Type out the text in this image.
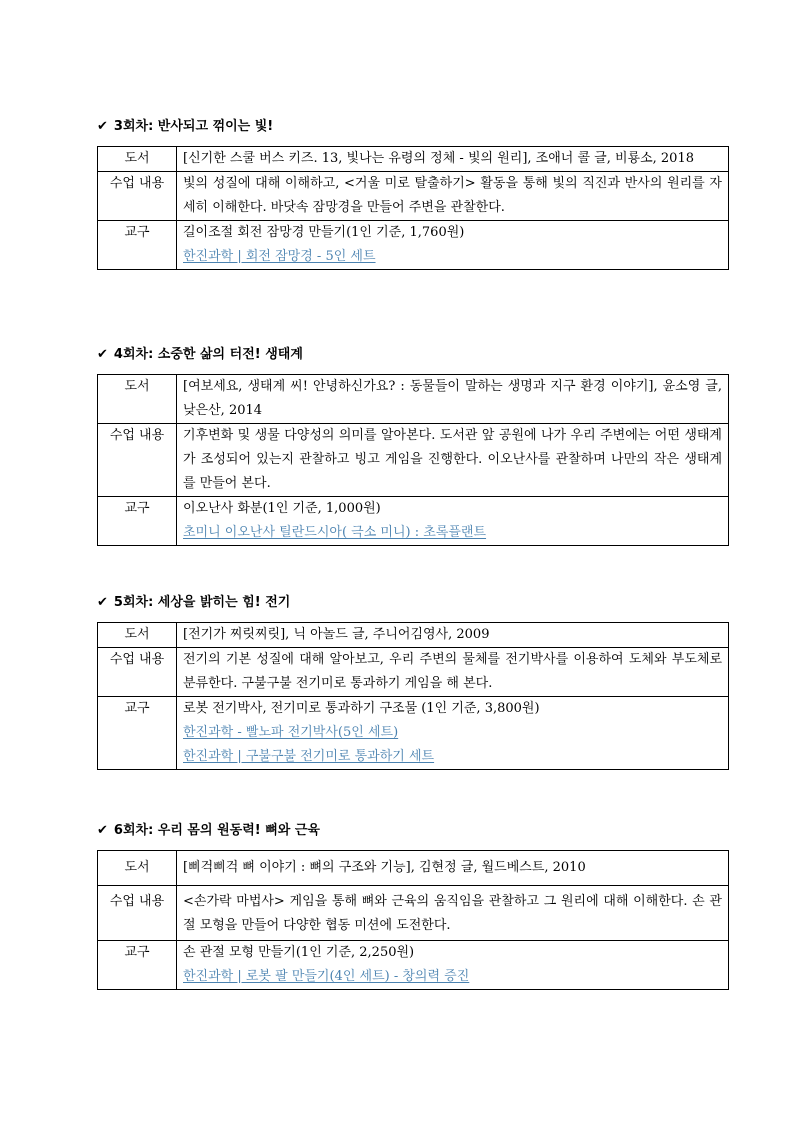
✔ 3회차: 반사되고 꺾이는 빛!
도서	[신기한 스쿨 버스 키즈. 13, 빛나는 유령의 정체 - 빛의 원리], 조애너 콜 글, 비룡소, 2018
수업 내용	빛의 성질에 대해 이해하고, <거울 미로 탈출하기> 활동을 통해 빛의 직진과 반사의 원리를 자세히 이해한다. 바닷속 잠망경을 만들어 주변을 관찰한다.
교구	길이조절 회전 잠망경 만들기(1인 기준, 1,760원)
한진과학 | 회전 잠망경 - 5인 세트
✔ 4회차: 소중한 삶의 터전! 생태계
도서	[여보세요, 생태계 씨! 안녕하신가요? : 동물들이 말하는 생명과 지구 환경 이야기], 윤소영 글, 낮은산, 2014
수업 내용	기후변화 및 생물 다양성의 의미를 알아본다. 도서관 앞 공원에 나가 우리 주변에는 어떤 생태계가 조성되어 있는지 관찰하고 빙고 게임을 진행한다. 이오난사를 관찰하며 나만의 작은 생태계를 만들어 본다.
교구	이오난사 화분(1인 기준, 1,000원)
초미니 이오난사 틸란드시아( 극소 미니) : 초록플랜트
✔ 5회차: 세상을 밝히는 힘! 전기
도서	[전기가 찌릿찌릿], 닉 아놀드 글, 주니어김영사, 2009
수업 내용	전기의 기본 성질에 대해 알아보고, 우리 주변의 물체를 전기박사를 이용하여 도체와 부도체로 분류한다. 구불구불 전기미로 통과하기 게임을 해 본다.
교구	로봇 전기박사, 전기미로 통과하기 구조물 (1인 기준, 3,800원)
한진과학 - 빨노파 전기박사(5인 세트)
한진과학 | 구불구불 전기미로 통과하기 세트
✔ 6회차: 우리 몸의 원동력! 뼈와 근육
도서	[삐걱삐걱 뼈 이야기 : 뼈의 구조와 기능], 김현정 글, 월드베스트, 2010
수업 내용	<손가락 마법사> 게임을 통해 뼈와 근육의 움직임을 관찰하고 그 원리에 대해 이해한다. 손 관절 모형을 만들어 다양한 협동 미션에 도전한다.
교구	손 관절 모형 만들기(1인 기준, 2,250원)
한진과학 | 로봇 팔 만들기(4인 세트) - 창의력 증진
